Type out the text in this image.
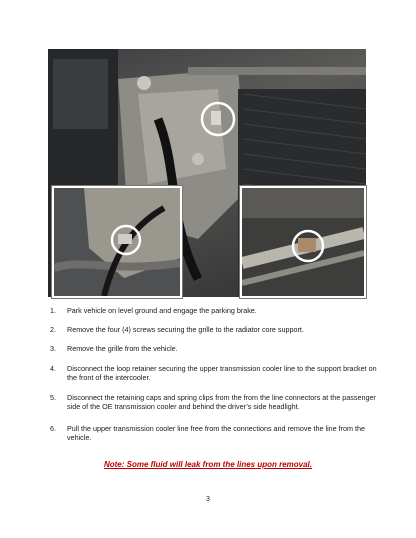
1. Park vehicle on level ground and engage the parking brake.
2. Remove the four (4) screws securing the grille to the radiator core support.
3. Remove the grille from the vehicle.
4. Disconnect the loop retainer securing the upper transmission cooler line to the support bracket on the front of the intercooler.
5. Disconnect the retaining caps and spring clips from the from the line connectors at the passenger side of the OE transmission cooler and behind the driver’s side headlight.
6. Pull the upper transmission cooler line free from the connections and remove the line from the vehicle.
Note: Some fluid will leak from the lines upon removal.
3
